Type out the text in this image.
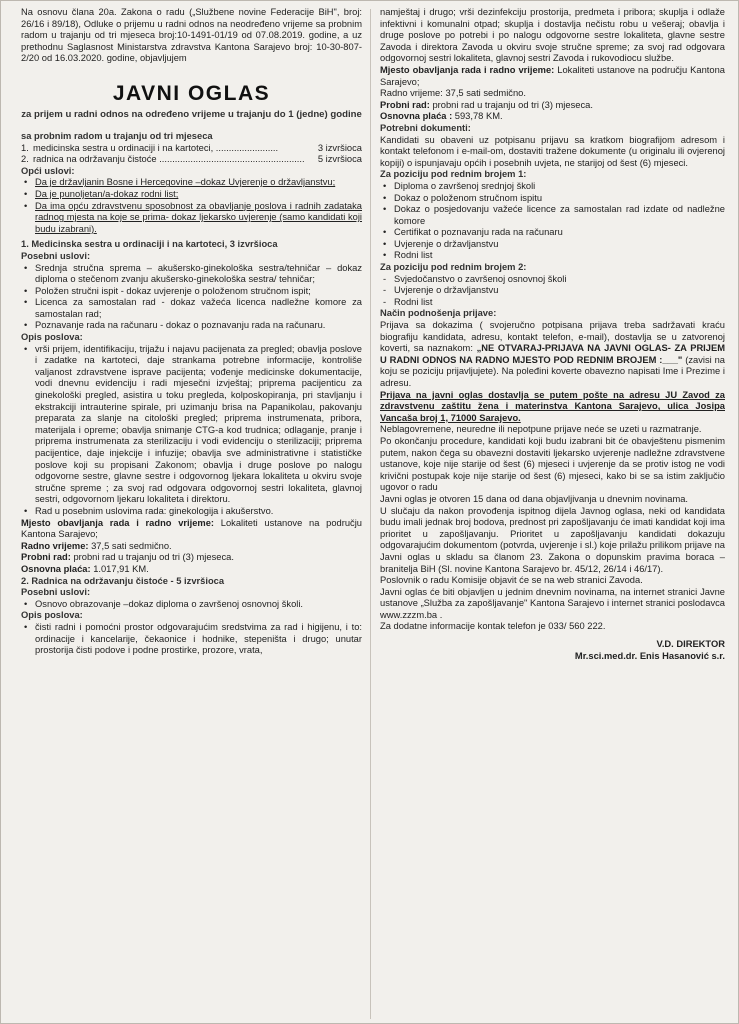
Na osnovu člana 20a. Zakona o radu („Službene novine Federacije BiH", broj: 26/16 i 89/18), Odluke o prijemu u radni odnos na neodređeno vrijeme sa probnim radom u trajanju od tri mjeseca broj:10-1491-01/19 od 07.08.2019. godine, a uz prethodnu Saglasnost Ministarstva zdravstva Kantona Sarajevo broj: 10-30-807-2/20 od 16.03.2020. godine, objavljujem

JAVNI OGLAS
za prijem u radni odnos na određeno vrijeme u trajanju do 1 (jedne) godine
sa probnim radom u trajanju od tri mjeseca
1. medicinska sestra u ordinaciji i na kartoteci, ........................	3 izvršioca
2. radnica na održavanju čistoće ........................................................	5 izvršioca
Opći uslovi:
• Da je državljanin Bosne i Hercegovine –dokaz Uvjerenje o državljanstvu;
• Da je punoljetan/a-dokaz rodni list;
• Da ima opću zdravstvenu sposobnost za obavljanje poslova i radnih zadataka radnog mjesta na koje se prima- dokaz ljekarsko uvjerenje (samo kandidati koji budu izabrani).
1. Medicinska sestra u ordinaciji i na kartoteci, 3 izvršioca
Posebni uslovi:
• Srednja stručna sprema – akušersko-ginekološka sestra/tehničar – dokaz diploma o stečenom zvanju akušersko-ginekološka sestra/ tehničar;
• Položen stručni ispit - dokaz uvjerenje o položenom stručnom ispit;
• Licenca za samostalan rad - dokaz važeća licenca nadležne komore za samostalan rad;
• Poznavanje rada na računaru - dokaz o poznavanju rada na računaru.
Opis poslova:
• vrši prijem, identifikaciju, trijažu i najavu pacijenata za pregled; obavlja poslove i zadatke na kartoteci, daje strankama potrebne informacije, kontroliše valjanost zdravstvene isprave pacijenta; vođenje medicinske dokumentacije, vodi dnevnu evidenciju i radi mjesečni izvještaj; priprema pacijenticu za ginekološki pregled, asistira u toku pregleda, kolposkopiranja, pri stavljanju i ekstrakciji intrauterine spirale, pri uzimanju brisa na Papanikolau, pakovanju preparata za slanje na citološki pregled; priprema instrumenata, pribora, materijala i opreme; obavlja snimanje CTG-a kod trudnica; odlaganje, pranje i priprema instrumenata za sterilizaciju i vodi evidenciju o sterilizaciji; priprema pacijentice, daje injekcije i infuzije; obavlja sve administrativne i statističke poslove koji su propisani Zakonom; obavlja i druge poslove po nalogu odgovorne sestre, glavne sestre i odgovornog ljekara lokaliteta u okviru svoje stručne spreme ; za svoj rad odgovara odgovornoj sestri lokaliteta, glavnoj sestri, odgovornom ljekaru lokaliteta i direktoru.
• Rad u posebnim uslovima rada: ginekologija i akušerstvo.

Mjesto obavljanja rada i radno vrijeme: Lokaliteti ustanove na području Kantona Sarajevo;

Radno vrijeme: 37,5 sati sedmično.

Probni rad: probni rad u trajanju od tri (3) mjeseca.

Osnovna plaća: 1.017,91 KM.

2. Radnica na održavanju čistoće - 5 izvršioca
Posebni uslovi:
• Osnovo obrazovanje –dokaz diploma o završenoj osnovnoj školi.
Opis poslova:
• čisti radni i pomoćni prostor odgovarajućim sredstvima za rad i higijenu, i to: ordinacije i kancelarije, čekaonice i hodnike, stepeništa i drugo; unutar prostorija čisti podove i podne prostirke, prozore, vrata,

namještaj i drugo; vrši dezinfekciju prostorija, predmeta i pribora; skuplja i odlaže infektivni i komunalni otpad; skuplja i dostavlja nečistu robu u vešeraj; obavlja i druge poslove po potrebi i po nalogu odgovorne sestre lokaliteta, glavne sestre Zavoda i direktora Zavoda u okviru svoje stručne spreme; za svoj rad odgovara odgovornoj sestri lokaliteta, glavnoj sestri Zavoda i rukovodiocu službe.

Mjesto obavljanja rada i radno vrijeme: Lokaliteti ustanove na području Kantona Sarajevo;

Radno vrijeme: 37,5 sati sedmično.

Probni rad: probni rad u trajanju od tri (3) mjeseca.

Osnovna plaća : 593,78 KM.

Potrebni dokumenti:

Kandidati su obaveni uz potpisanu prijavu sa kratkom biografijom adresom i kontakt telefonom i e-mail-om, dostaviti tražene dokumente (u originalu ili ovjerenoj kopiji) o ispunjavaju općih i posebnih uvjeta, ne starijoj od šest (6) mjeseci.

Za poziciju pod rednim brojem 1:
• Diploma o završenoj srednjoj školi
• Dokaz o položenom stručnom ispitu
• Dokaz o posjedovanju važeće licence za samostalan rad izdate od nadležne komore
• Certifikat o poznavanju rada na računaru
• Uvjerenje o državljanstvu
• Rodni list
Za poziciju pod rednim brojem 2:
- Svjedočanstvo o završenoj osnovnoj školi
- Uvjerenje o državljanstvu
- Rodni list
Način podnošenja prijave:

Prijava sa dokazima ( svojeručno potpisana prijava treba sadržavati kraću biografiju kandidata, adresu, kontakt telefon, e-mail), dostavlja se u zatvorenoj koverti, sa naznakom: „NE OTVARAJ-PRIJAVA NA JAVNI OGLAS- ZA PRIJEM U RADNI ODNOS NA RADNO MJESTO POD REDNIM BROJEM :___" (zavisi na koju se poziciju prijavljujete). Na poleđini koverte obavezno napisati Ime i Prezime i adresu.

Prijava na javni oglas dostavlja se putem pošte na adresu JU Zavod za zdravstvenu zaštitu žena i materinstva Kantona Sarajevo, ulica Josipa Vancaša broj 1, 71000 Sarajevo.

Neblagovremene, neuredne ili nepotpune prijave neće se uzeti u razmatranje.

Po okončanju procedure, kandidati koji budu izabrani bit će obavještenu pismenim putem, nakon čega su obavezni dostaviti ljekarsko uvjerenje nadležne zdravstvene ustanove, koje nije starije od šest (6) mjeseci i uvjerenje da se protiv istog ne vodi krivični postupak koje nije starije od šest (6) mjeseci, kako bi se sa istim zaključio ugovor o radu

Javni oglas je otvoren 15 dana od dana objavljivanja u dnevnim novinama.

U slučaju da nakon provođenja ispitnog dijela Javnog oglasa, neki od kandidata budu imali jednak broj bodova, prednost pri zapošljavanju će imati kandidat koji ima prioritet u zapošljavanju. Prioritet u zapošljavanju kandidati dokazuju odgovarajućim dokumentom (potvrda, uvjerenje i sl.) koje prilažu prilikom prijave na Javni oglas u skladu sa članom 23. Zakona o dopunskim pravima boraca – branitelja BiH (Sl. novine Kantona Sarajevo br. 45/12, 26/14 i 46/17).

Poslovnik o radu Komisije objavit će se na web stranici Zavoda.

Javni oglas će biti objavljen u jednim dnevnim novinama, na internet stranici Javne ustanove „Služba za zapošljavanje" Kantona Sarajevo i internet stranici poslodavca www.zzzm.ba .

Za dodatne informacije kontak telefon je 033/ 560 222.

V.D. DIREKTOR
Mr.sci.med.dr. Enis Hasanović s.r.
